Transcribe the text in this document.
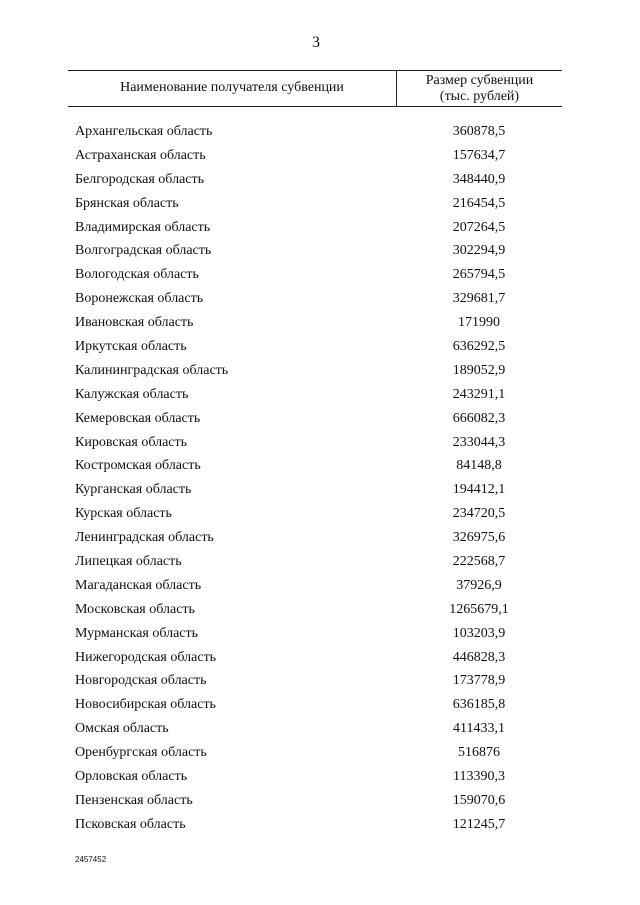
3
Наименование получателя субвенции	Размер субвенции
(тыс. рублей)
Архангельская область	360878,5
Астраханская область	157634,7
Белгородская область	348440,9
Брянская область	216454,5
Владимирская область	207264,5
Волгоградская область	302294,9
Вологодская область	265794,5
Воронежская область	329681,7
Ивановская область	171990
Иркутская область	636292,5
Калининградская область	189052,9
Калужская область	243291,1
Кемеровская область	666082,3
Кировская область	233044,3
Костромская область	84148,8
Курганская область	194412,1
Курская область	234720,5
Ленинградская область	326975,6
Липецкая область	222568,7
Магаданская область	37926,9
Московская область	1265679,1
Мурманская область	103203,9
Нижегородская область	446828,3
Новгородская область	173778,9
Новосибирская область	636185,8
Омская область	411433,1
Оренбургская область	516876
Орловская область	113390,3
Пензенская область	159070,6
Псковская область	121245,7
2457452
